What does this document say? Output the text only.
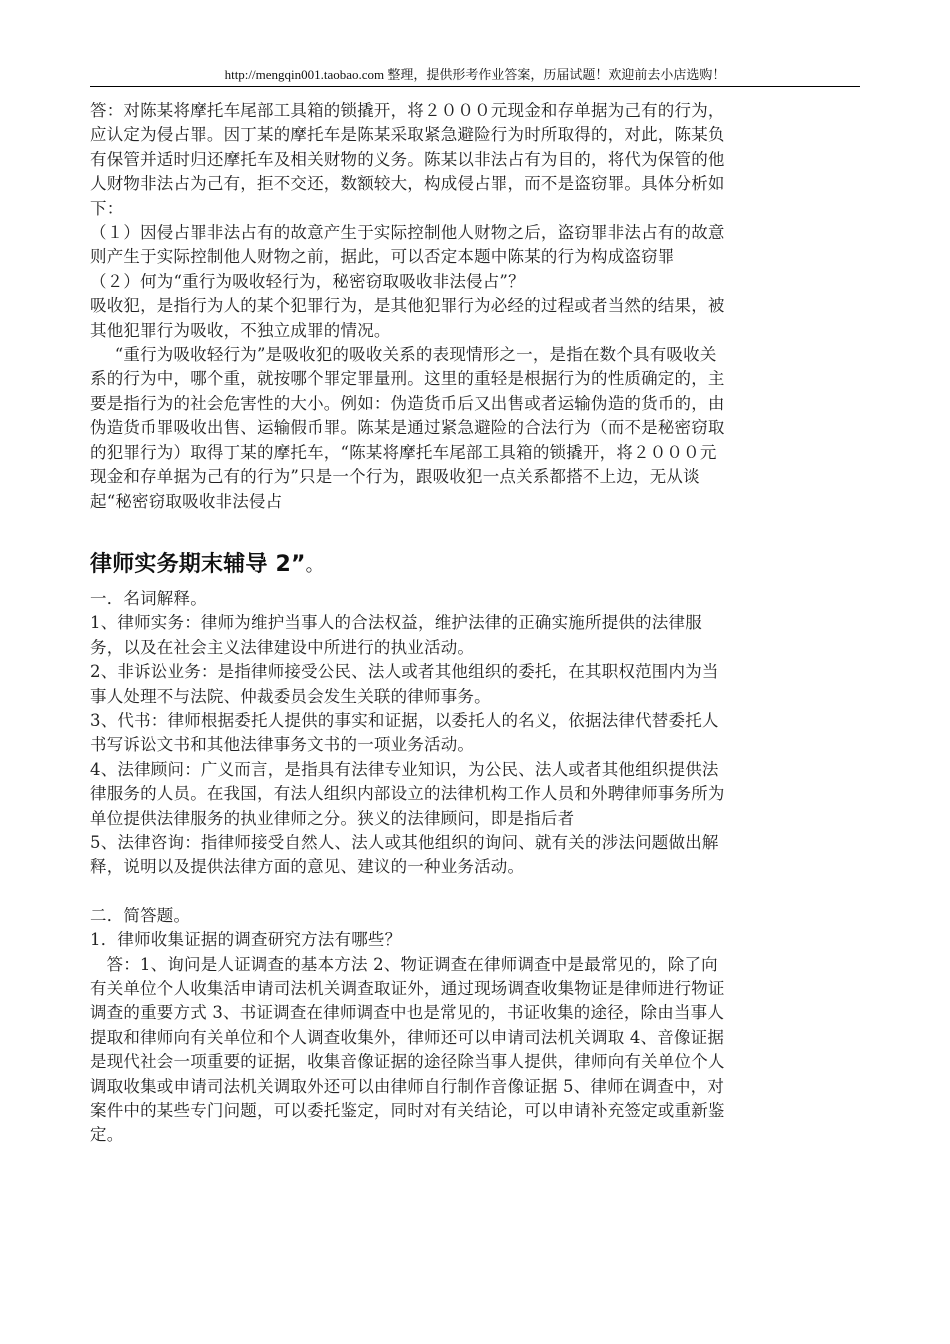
http://mengqin001.taobao.com 整理，提供形考作业答案，历届试题！欢迎前去小店选购！

答：对陈某将摩托车尾部工具箱的锁撬开，将２０００元现金和存单据为己有的行为，应认定为侵占罪。因丁某的摩托车是陈某采取紧急避险行为时所取得的，对此，陈某负有保管并适时归还摩托车及相关财物的义务。陈某以非法占有为目的，将代为保管的他人财物非法占为己有，拒不交还，数额较大，构成侵占罪，而不是盗窃罪。具体分析如下：

（１）因侵占罪非法占有的故意产生于实际控制他人财物之后，盗窃罪非法占有的故意则产生于实际控制他人财物之前，据此，可以否定本题中陈某的行为构成盗窃罪

（２）何为“重行为吸收轻行为，秘密窃取吸收非法侵占”？

吸收犯，是指行为人的某个犯罪行为，是其他犯罪行为必经的过程或者当然的结果，被其他犯罪行为吸收，不独立成罪的情况。

“重行为吸收轻行为”是吸收犯的吸收关系的表现情形之一，是指在数个具有吸收关系的行为中，哪个重，就按哪个罪定罪量刑。这里的重轻是根据行为的性质确定的，主要是指行为的社会危害性的大小。例如：伪造货币后又出售或者运输伪造的货币的，由伪造货币罪吸收出售、运输假币罪。陈某是通过紧急避险的合法行为（而不是秘密窃取的犯罪行为）取得丁某的摩托车，“陈某将摩托车尾部工具箱的锁撬开，将２０００元现金和存单据为己有的行为”只是一个行为，跟吸收犯一点关系都搭不上边，无从谈起“秘密窃取吸收非法侵占

律师实务期末辅导 2”。

一．名词解释。

1、律师实务：律师为维护当事人的合法权益，维护法律的正确实施所提供的法律服务，以及在社会主义法律建设中所进行的执业活动。

2、非诉讼业务：是指律师接受公民、法人或者其他组织的委托，在其职权范围内为当事人处理不与法院、仲裁委员会发生关联的律师事务。

3、代书：律师根据委托人提供的事实和证据，以委托人的名义，依据法律代替委托人书写诉讼文书和其他法律事务文书的一项业务活动。

4、法律顾问：广义而言，是指具有法律专业知识，为公民、法人或者其他组织提供法律服务的人员。在我国，有法人组织内部设立的法律机构工作人员和外聘律师事务所为单位提供法律服务的执业律师之分。狭义的法律顾问，即是指后者

5、法律咨询：指律师接受自然人、法人或其他组织的询问、就有关的涉法问题做出解释，说明以及提供法律方面的意见、建议的一种业务活动。

二．简答题。

1．律师收集证据的调查研究方法有哪些？

答：1、询问是人证调查的基本方法 2、物证调查在律师调查中是最常见的，除了向有关单位个人收集活申请司法机关调查取证外，通过现场调查收集物证是律师进行物证调查的重要方式 3、书证调查在律师调查中也是常见的，书证收集的途径，除由当事人提取和律师向有关单位和个人调查收集外，律师还可以申请司法机关调取 4、音像证据是现代社会一项重要的证据，收集音像证据的途径除当事人提供，律师向有关单位个人调取收集或申请司法机关调取外还可以由律师自行制作音像证据 5、律师在调查中，对案件中的某些专门问题，可以委托鉴定，同时对有关结论，可以申请补充签定或重新鉴定。
